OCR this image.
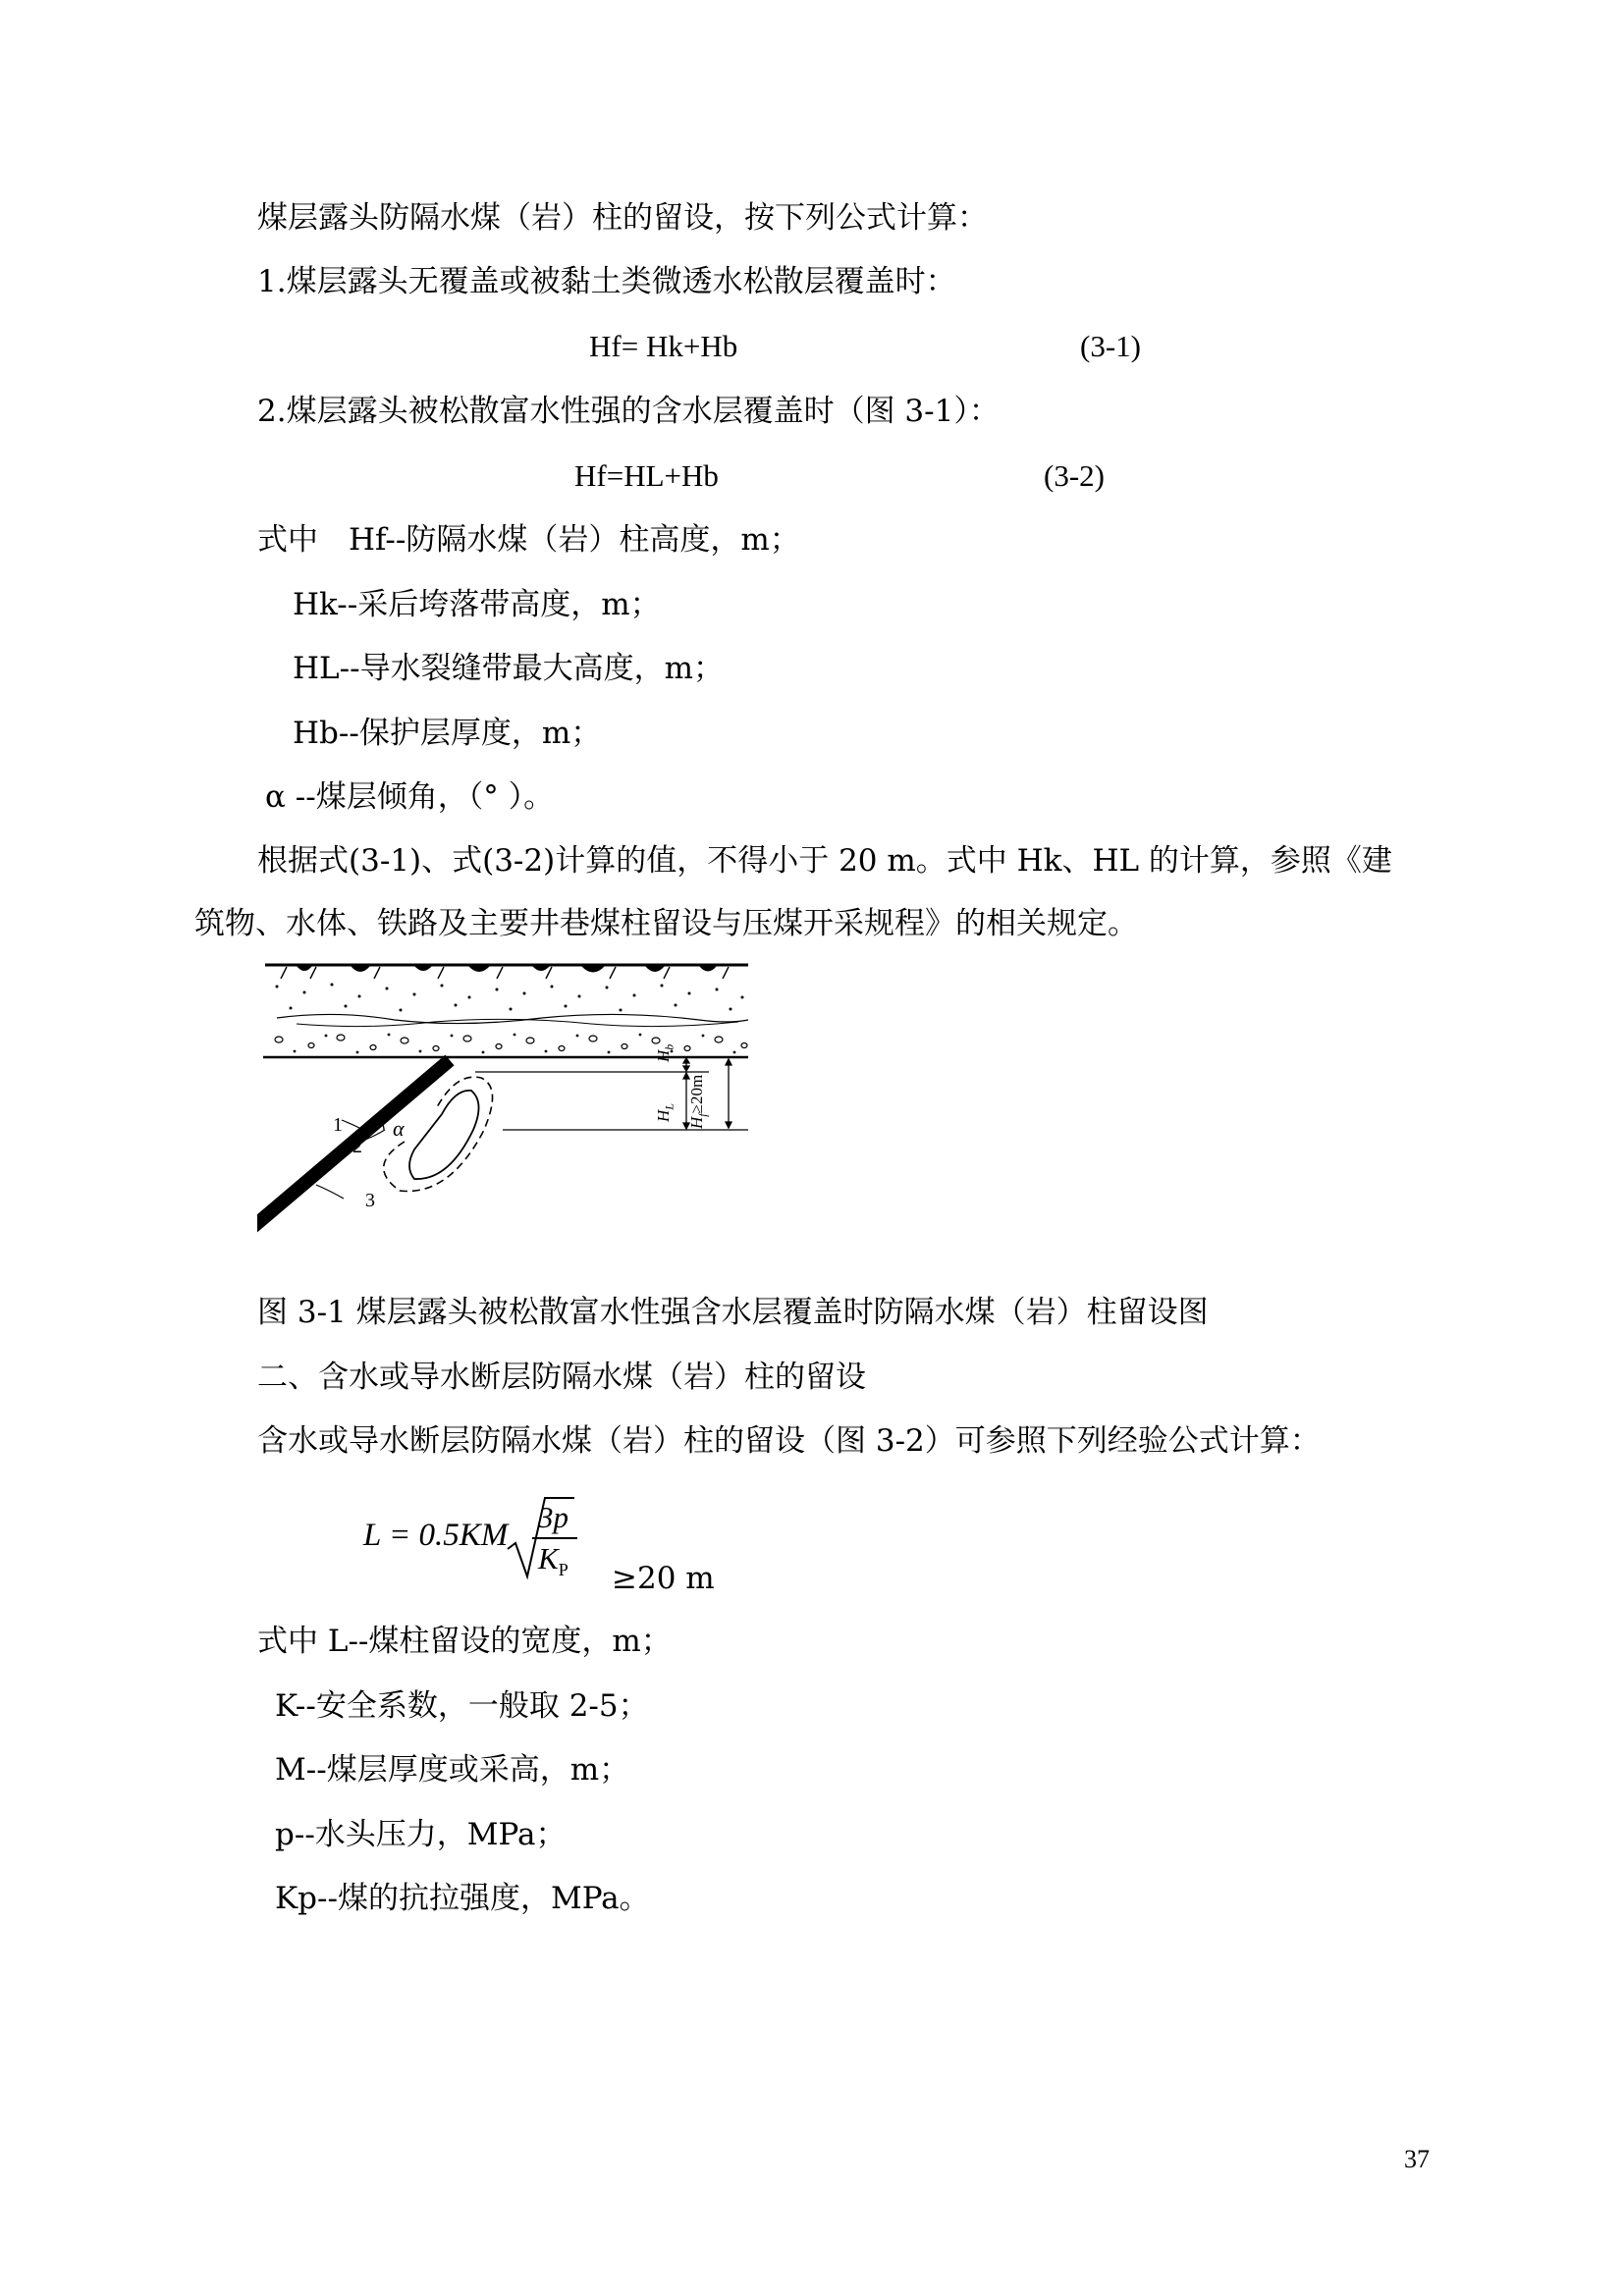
煤层露头防隔水煤（岩）柱的留设，按下列公式计算：
1.煤层露头无覆盖或被黏土类微透水松散层覆盖时：
Hf= Hk+Hb	(3-1)
2.煤层露头被松散富水性强的含水层覆盖时（图 3-1）：
Hf=HL+Hb	(3-2)
式中　Hf--防隔水煤（岩）柱高度，m；
Hk--采后垮落带高度，m；
HL--导水裂缝带最大高度，m；
Hb--保护层厚度，m；
α --煤层倾角，（° ）。
根据式(3-1)、式(3-2)计算的值，不得小于 20 m。式中 Hk、HL 的计算，参照《建
筑物、水体、铁路及主要井巷煤柱留设与压煤开采规程》的相关规定。
1
2
3
α
$H_b$
$H_L$
$H_f\ge 20m$
图 3-1 煤层露头被松散富水性强含水层覆盖时防隔水煤（岩）柱留设图
二、含水或导水断层防隔水煤（岩）柱的留设
含水或导水断层防隔水煤（岩）柱的留设（图 3-2）可参照下列经验公式计算：
L = 0.5KM
3p
$K_P \ge 20$ m
式中 L--煤柱留设的宽度，m；
K--安全系数，一般取 2-5；
M--煤层厚度或采高，m；
p--水头压力，MPa；
Kp--煤的抗拉强度，MPa。
37
